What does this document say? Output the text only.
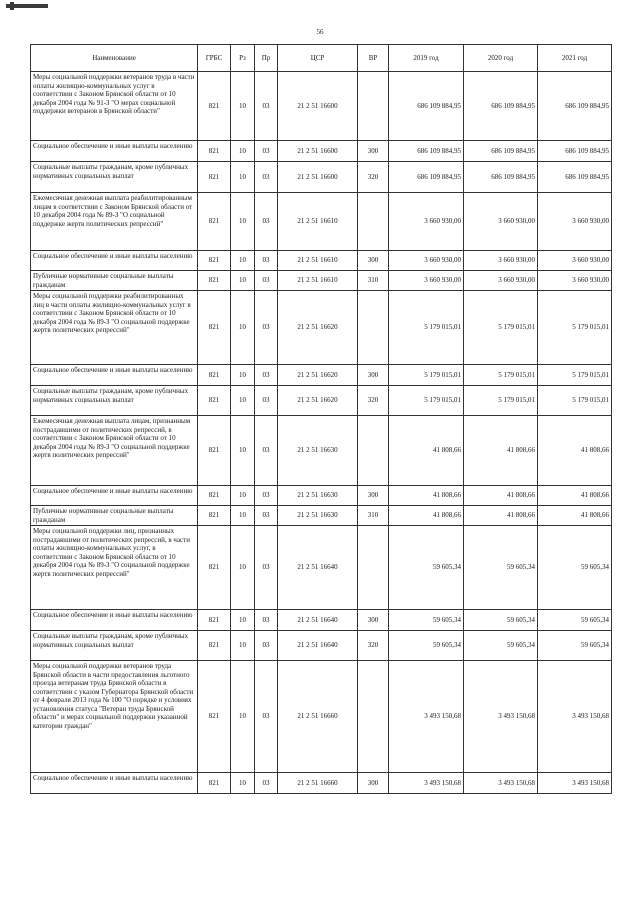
56
Наименование	ГРБС	Рз	Пр	ЦСР	ВР	2019 год	2020 год	2021 год
Меры социальной поддержки ветеранов труда в части оплаты жилищно-коммунальных услуг в соответствии с Законом Брянской области от 10 декабря 2004 года № 91-З "О мерах социальной поддержки ветеранов в Брянской области"	821	10	03	21 2 51 16600		686 109 884,95	686 109 884,95	686 109 884,95
Социальное обеспечение и иные выплаты населению	821	10	03	21 2 51 16600	300	686 109 884,95	686 109 884,95	686 109 884,95
Социальные выплаты гражданам, кроме публичных нормативных социальных выплат	821	10	03	21 2 51 16600	320	686 109 884,95	686 109 884,95	686 109 884,95
Ежемесячная денежная выплата реабилитированным лицам в соответствии с Законом Брянской области от 10 декабря 2004 года № 89-З "О социальной поддержке жертв политических репрессий"	821	10	03	21 2 51 16610		3 660 930,00	3 660 930,00	3 660 930,00
Социальное обеспечение и иные выплаты населению	821	10	03	21 2 51 16610	300	3 660 930,00	3 660 930,00	3 660 930,00
Публичные нормативные социальные выплаты гражданам	821	10	03	21 2 51 16610	310	3 660 930,00	3 660 930,00	3 660 930,00
Меры социальной поддержки реабилитированных лиц в части оплаты жилищно-коммунальных услуг в соответствии с Законом Брянской области от 10 декабря 2004 года № 89-З "О социальной поддержке жертв политических репрессий"	821	10	03	21 2 51 16620		5 179 015,01	5 179 015,01	5 179 015,01
Социальное обеспечение и иные выплаты населению	821	10	03	21 2 51 16620	300	5 179 015,01	5 179 015,01	5 179 015,01
Социальные выплаты гражданам, кроме публичных нормативных социальных выплат	821	10	03	21 2 51 16620	320	5 179 015,01	5 179 015,01	5 179 015,01
Ежемесячная денежная выплата лицам, признанным пострадавшими от политических репрессий, в соответствии с Законом Брянской области от 10 декабря 2004 года № 89-З "О социальной поддержке жертв политических репрессий"	821	10	03	21 2 51 16630		41 808,66	41 808,66	41 808,66
Социальное обеспечение и иные выплаты населению	821	10	03	21 2 51 16630	300	41 808,66	41 808,66	41 808,66
Публичные нормативные социальные выплаты гражданам	821	10	03	21 2 51 16630	310	41 808,66	41 808,66	41 808,66
Меры социальной поддержки лиц, признанных пострадавшими от политических репрессий, в части оплаты жилищно-коммунальных услуг, в соответствии с Законом Брянской области от 10 декабря 2004 года № 89-З "О социальной поддержке жертв политических репрессий"	821	10	03	21 2 51 16640		59 605,34	59 605,34	59 605,34
Социальное обеспечение и иные выплаты населению	821	10	03	21 2 51 16640	300	59 605,34	59 605,34	59 605,34
Социальные выплаты гражданам, кроме публичных нормативных социальных выплат	821	10	03	21 2 51 16640	320	59 605,34	59 605,34	59 605,34
Меры социальной поддержки ветеранов труда Брянской области в части предоставления льготного проезда ветеранам труда Брянской области в соответствии с указом Губернатора Брянской области от 4 февраля 2013 года № 100 "О порядке и условиях установления статуса "Ветеран труда Брянской области" и мерах социальной поддержки указанной категории граждан"	821	10	03	21 2 51 16660		3 493 150,68	3 493 150,68	3 493 150,68
Социальное обеспечение и иные выплаты населению	821	10	03	21 2 51 16660	300	3 493 150,68	3 493 150,68	3 493 150,68
